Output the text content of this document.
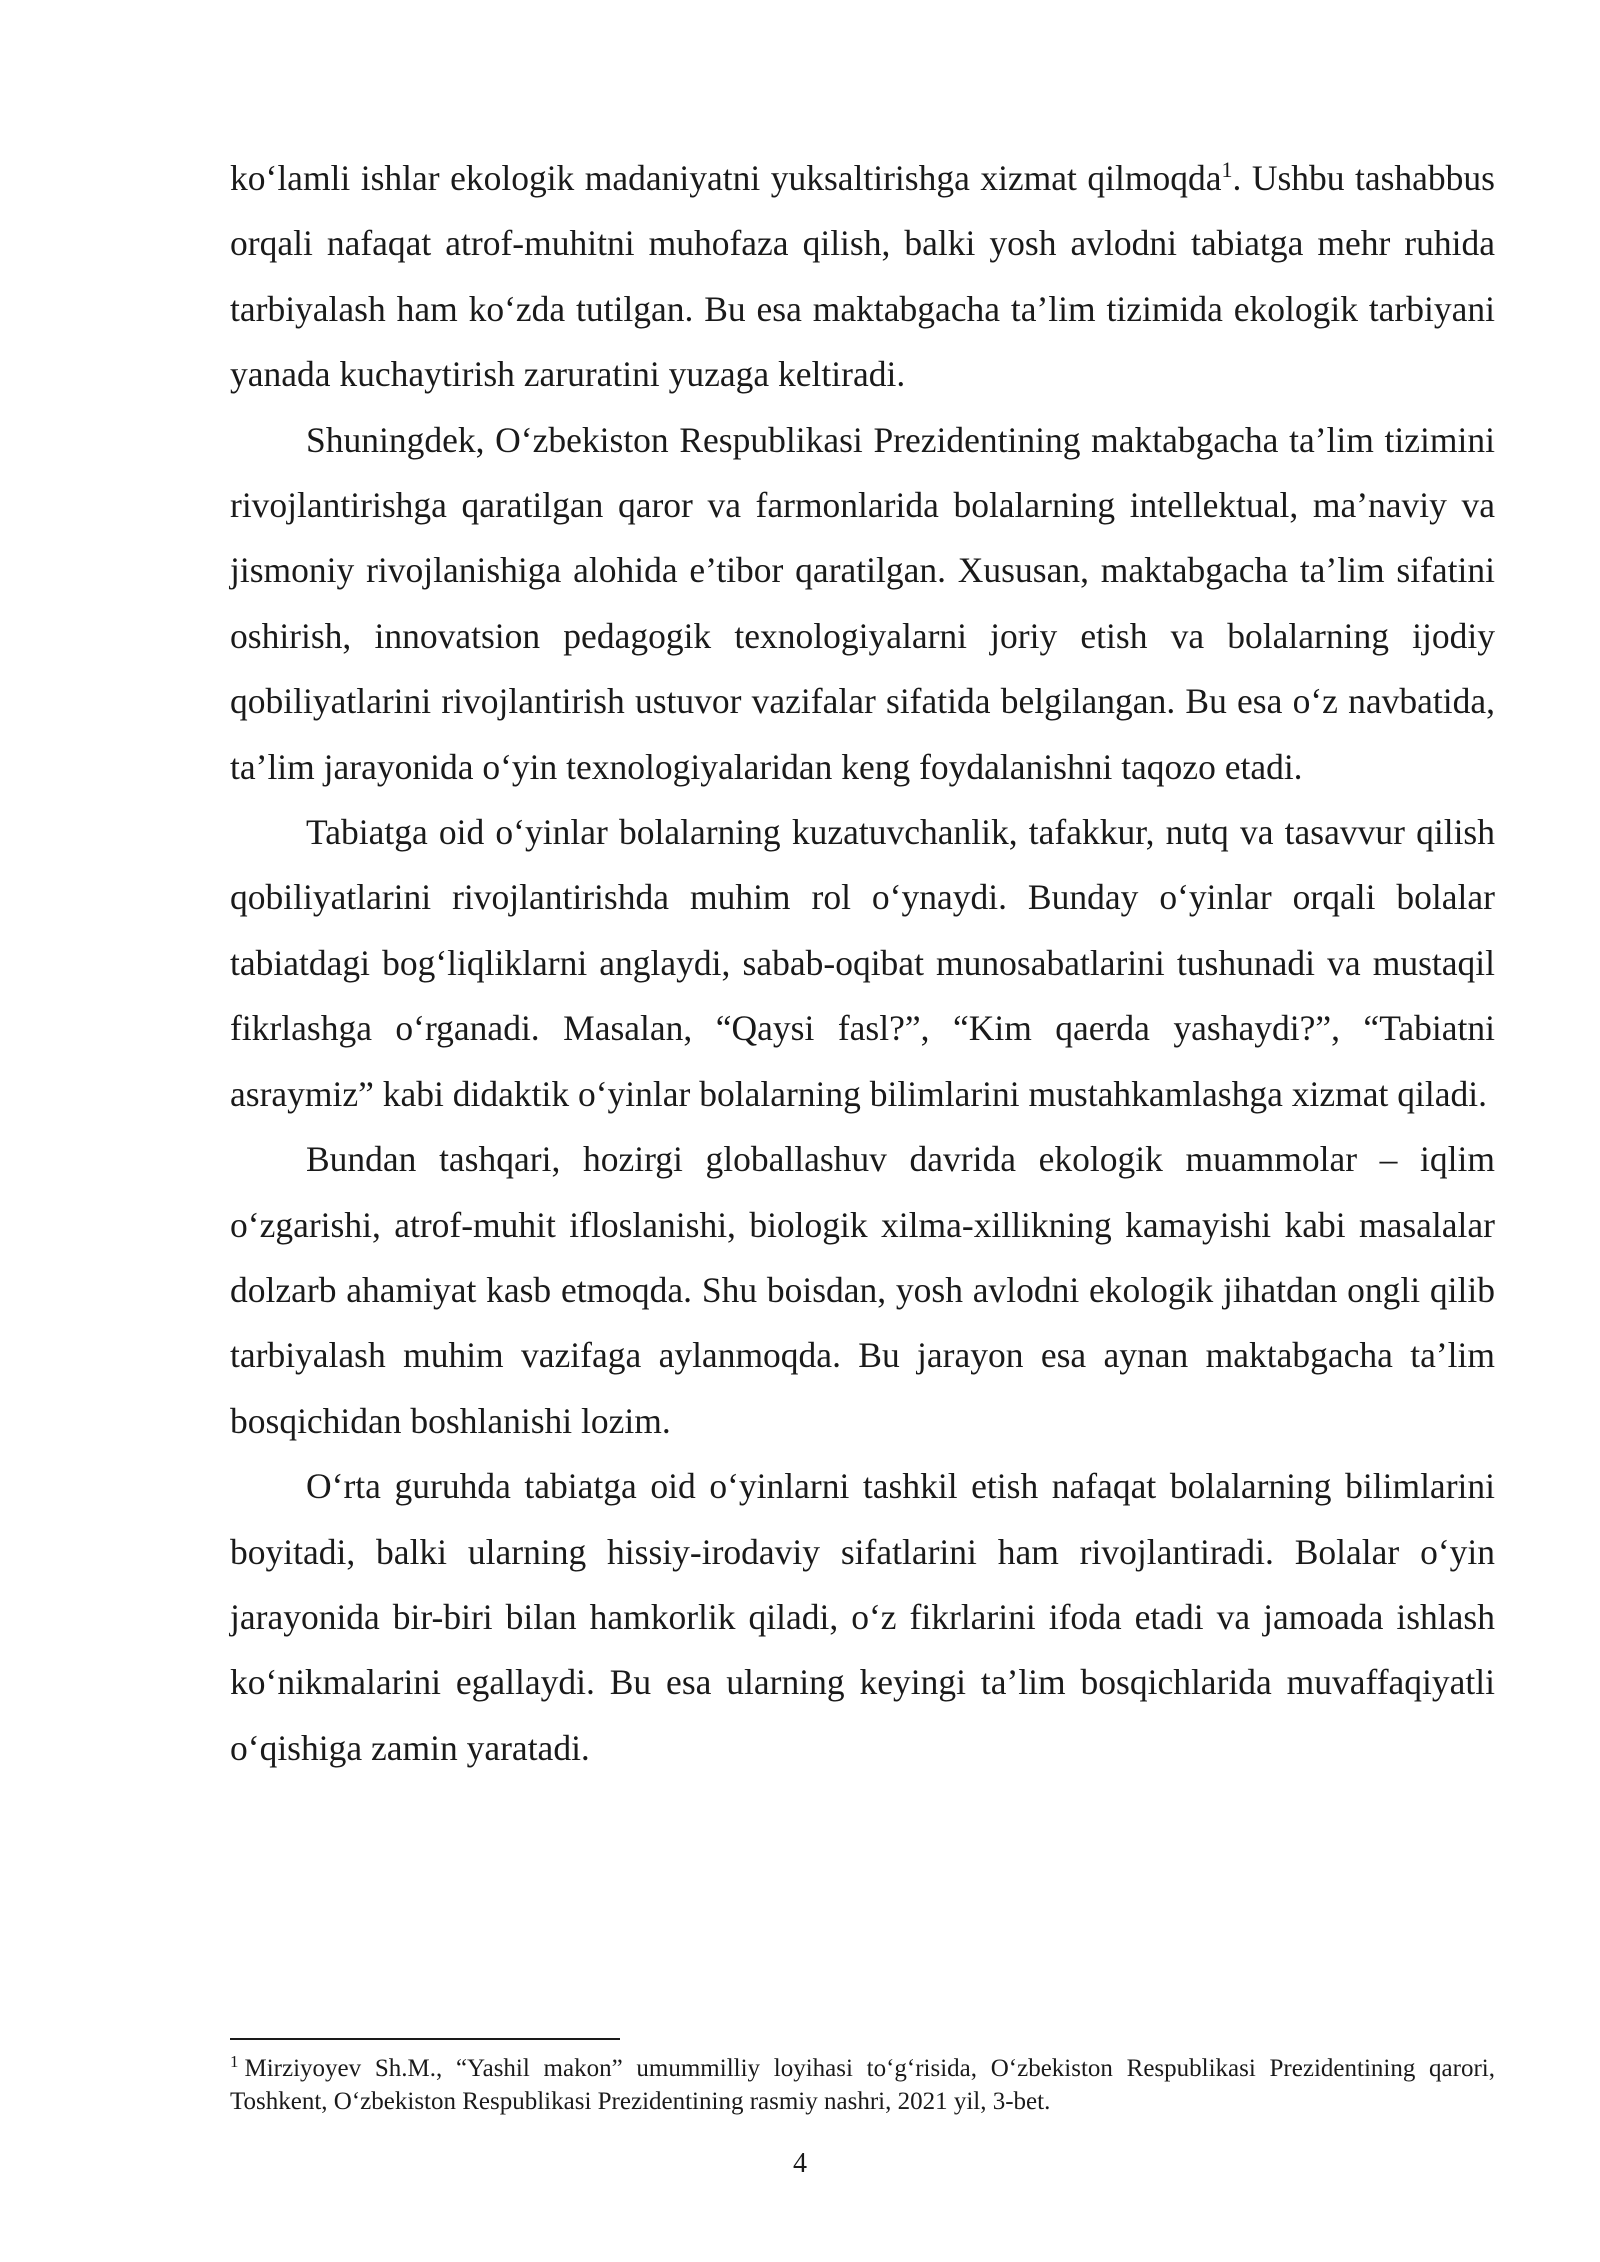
ko‘lamli ishlar ekologik madaniyatni yuksaltirishga xizmat qilmoqda$^1$. Ushbu tashabbus orqali nafaqat atrof-muhitni muhofaza qilish, balki yosh avlodni tabiatga mehr ruhida tarbiyalash ham ko‘zda tutilgan. Bu esa maktabgacha ta’lim tizimida ekologik tarbiyani yanada kuchaytirish zaruratini yuzaga keltiradi.

Shuningdek, O‘zbekiston Respublikasi Prezidentining maktabgacha ta’lim tizimini rivojlantirishga qaratilgan qaror va farmonlarida bolalarning intellektual, ma’naviy va jismoniy rivojlanishiga alohida e’tibor qaratilgan. Xususan, maktabgacha ta’lim sifatini oshirish, innovatsion pedagogik texnologiyalarni joriy etish va bolalarning ijodiy qobiliyatlarini rivojlantirish ustuvor vazifalar sifatida belgilangan. Bu esa o‘z navbatida, ta’lim jarayonida o‘yin texnologiyalaridan keng foydalanishni taqozo etadi.

Tabiatga oid o‘yinlar bolalarning kuzatuvchanlik, tafakkur, nutq va tasavvur qilish qobiliyatlarini rivojlantirishda muhim rol o‘ynaydi. Bunday o‘yinlar orqali bolalar tabiatdagi bog‘liqliklarni anglaydi, sabab-oqibat munosabatlarini tushunadi va mustaqil fikrlashga o‘rganadi. Masalan, “Qaysi fasl?”, “Kim qaerda yashaydi?”, “Tabiatni asraymiz” kabi didaktik o‘yinlar bolalarning bilimlarini mustahkamlashga xizmat qiladi.

Bundan tashqari, hozirgi globallashuv davrida ekologik muammolar – iqlim o‘zgarishi, atrof-muhit ifloslanishi, biologik xilma-xillikning kamayishi kabi masalalar dolzarb ahamiyat kasb etmoqda. Shu boisdan, yosh avlodni ekologik jihatdan ongli qilib tarbiyalash muhim vazifaga aylanmoqda. Bu jarayon esa aynan maktabgacha ta’lim bosqichidan boshlanishi lozim.

O‘rta guruhda tabiatga oid o‘yinlarni tashkil etish nafaqat bolalarning bilimlarini boyitadi, balki ularning hissiy-irodaviy sifatlarini ham rivojlantiradi. Bolalar o‘yin jarayonida bir-biri bilan hamkorlik qiladi, o‘z fikrlarini ifoda etadi va jamoada ishlash ko‘nikmalarini egallaydi. Bu esa ularning keyingi ta’lim bosqichlarida muvaffaqiyatli o‘qishiga zamin yaratadi.

$^1$ Mirziyoyev Sh.M., “Yashil makon” umummilliy loyihasi to‘g‘risida, O‘zbekiston Respublikasi Prezidentining qarori, Toshkent, O‘zbekiston Respublikasi Prezidentining rasmiy nashri, 2021 yil, 3-bet.

4
